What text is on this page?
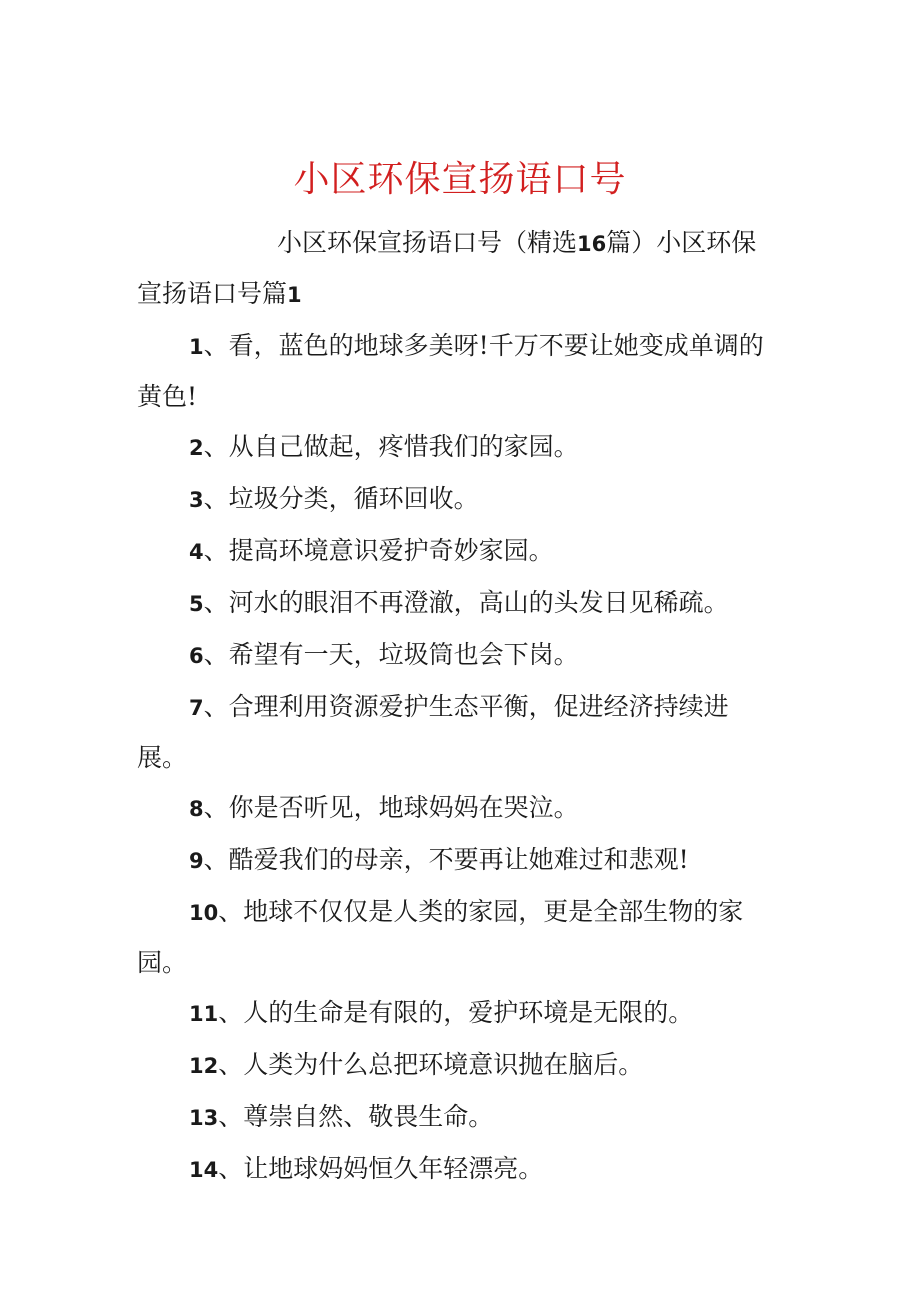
小区环保宣扬语口号

小区环保宣扬语口号（精选16篇）小区环保宣扬语口号篇1

1、看，蓝色的地球多美呀!千万不要让她变成单调的黄色!

2、从自己做起，疼惜我们的家园。

3、垃圾分类，循环回收。

4、提高环境意识爱护奇妙家园。

5、河水的眼泪不再澄澈，高山的头发日见稀疏。

6、希望有一天，垃圾筒也会下岗。

7、合理利用资源爱护生态平衡，促进经济持续进展。

8、你是否听见，地球妈妈在哭泣。

9、酷爱我们的母亲，不要再让她难过和悲观!

10、地球不仅仅是人类的家园，更是全部生物的家园。

11、人的生命是有限的，爱护环境是无限的。

12、人类为什么总把环境意识抛在脑后。

13、尊崇自然、敬畏生命。

14、让地球妈妈恒久年轻漂亮。
